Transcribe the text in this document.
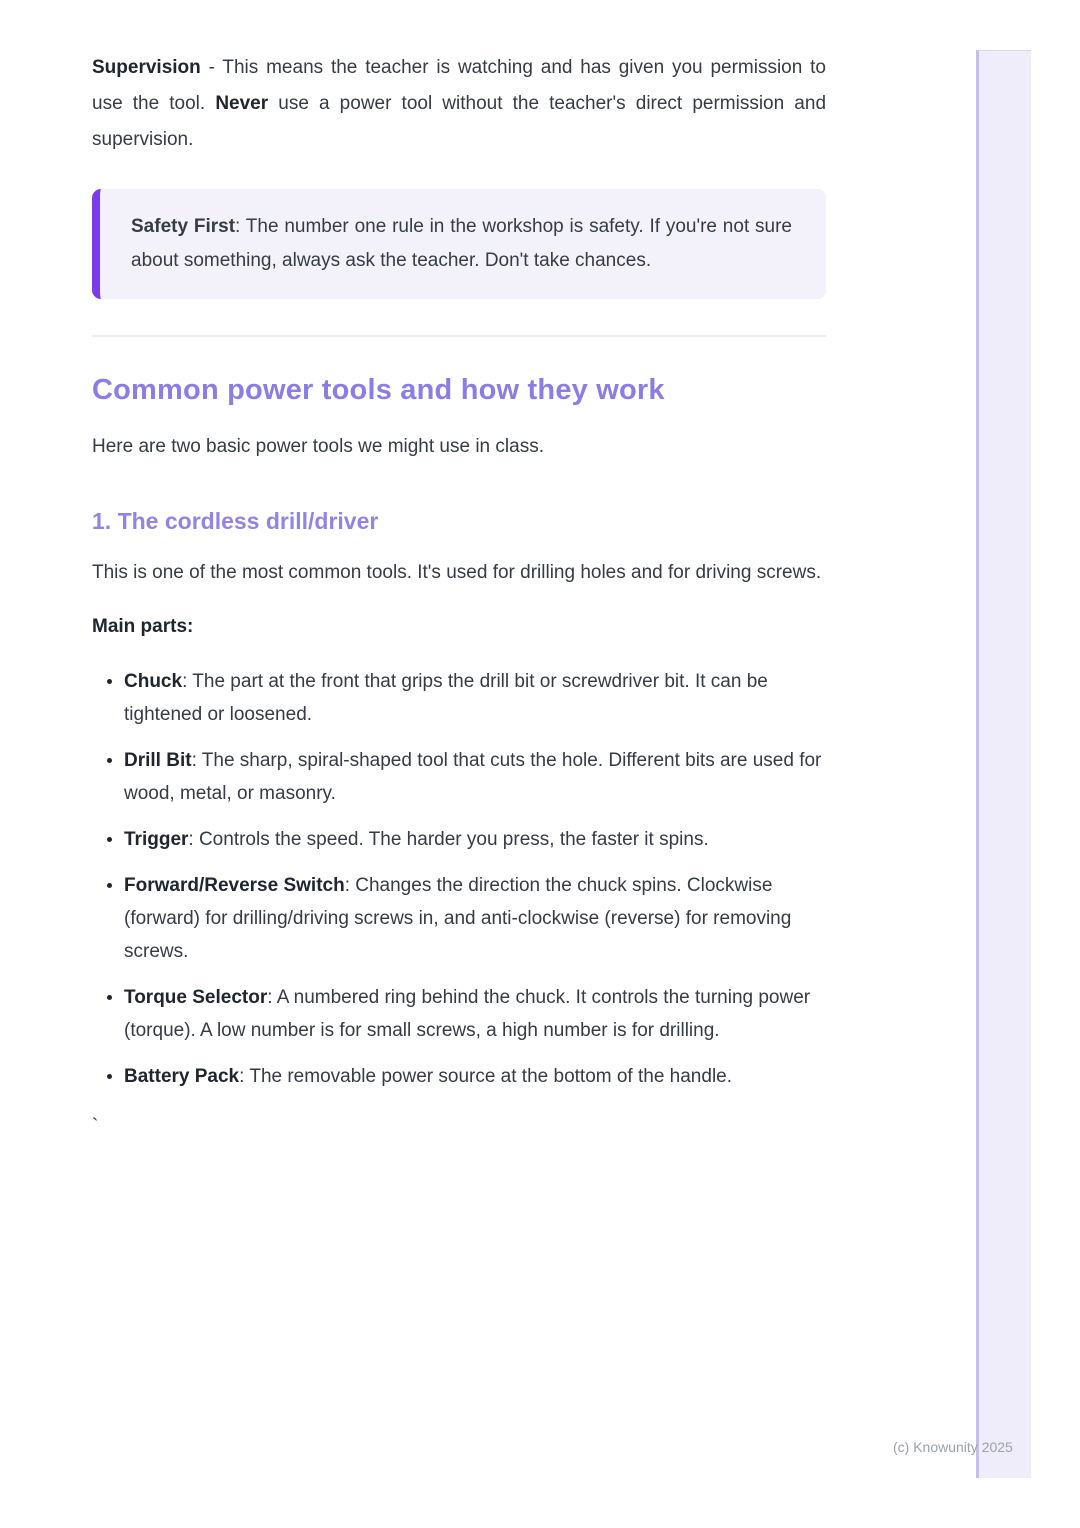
Supervision - This means the teacher is watching and has given you permission to use the tool. Never use a power tool without the teacher's direct permission and supervision.

Safety First: The number one rule in the workshop is safety. If you're not sure about something, always ask the teacher. Don't take chances.

Common power tools and how they work

Here are two basic power tools we might use in class.

1. The cordless drill/driver

This is one of the most common tools. It's used for drilling holes and for driving screws.

Main parts:

• Chuck: The part at the front that grips the drill bit or screwdriver bit. It can be tightened or loosened.
• Drill Bit: The sharp, spiral-shaped tool that cuts the hole. Different bits are used for wood, metal, or masonry.
• Trigger: Controls the speed. The harder you press, the faster it spins.
• Forward/Reverse Switch: Changes the direction the chuck spins. Clockwise (forward) for drilling/driving screws in, and anti-clockwise (reverse) for removing screws.
• Torque Selector: A numbered ring behind the chuck. It controls the turning power (torque). A low number is for small screws, a high number is for drilling.
• Battery Pack: The removable power source at the bottom of the handle.

`

(c) Knowunity 2025
